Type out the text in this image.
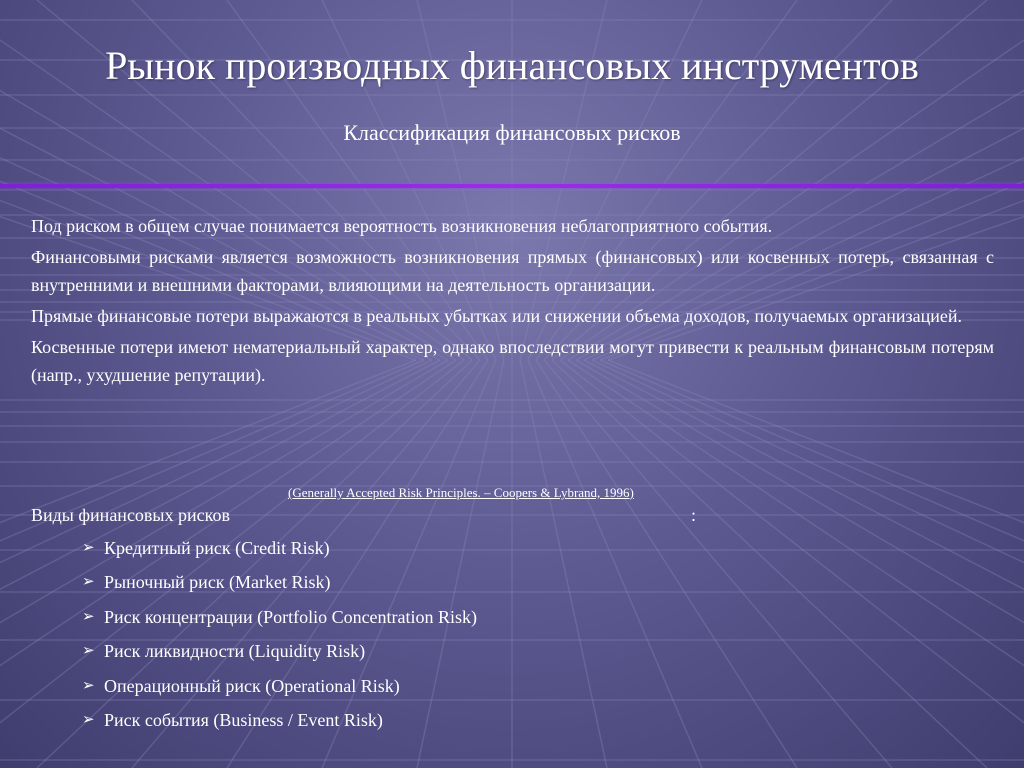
Рынок производных финансовых инструментов
Классификация финансовых рисков

Под риском в общем случае понимается вероятность возникновения неблагоприятного события.

Финансовыми рисками является возможность возникновения прямых (финансовых) или косвенных потерь, связанная с внутренними и внешними факторами, влияющими на деятельность организации.

Прямые финансовые потери выражаются в реальных убытках или снижении объема доходов, получаемых организацией.

Косвенные потери имеют нематериальный характер, однако впоследствии могут привести к реальным финансовым потерям (напр., ухудшение репутации).

(Generally Accepted Risk Principles. – Coopers & Lybrand, 1996)
Виды финансовых рисков	:
➢ Кредитный риск (Credit Risk)
➢ Рыночный риск (Market Risk)
➢ Риск концентрации (Portfolio Concentration Risk)
➢ Риск ликвидности (Liquidity Risk)
➢ Операционный риск (Operational Risk)
➢ Риск события (Business / Event Risk)
